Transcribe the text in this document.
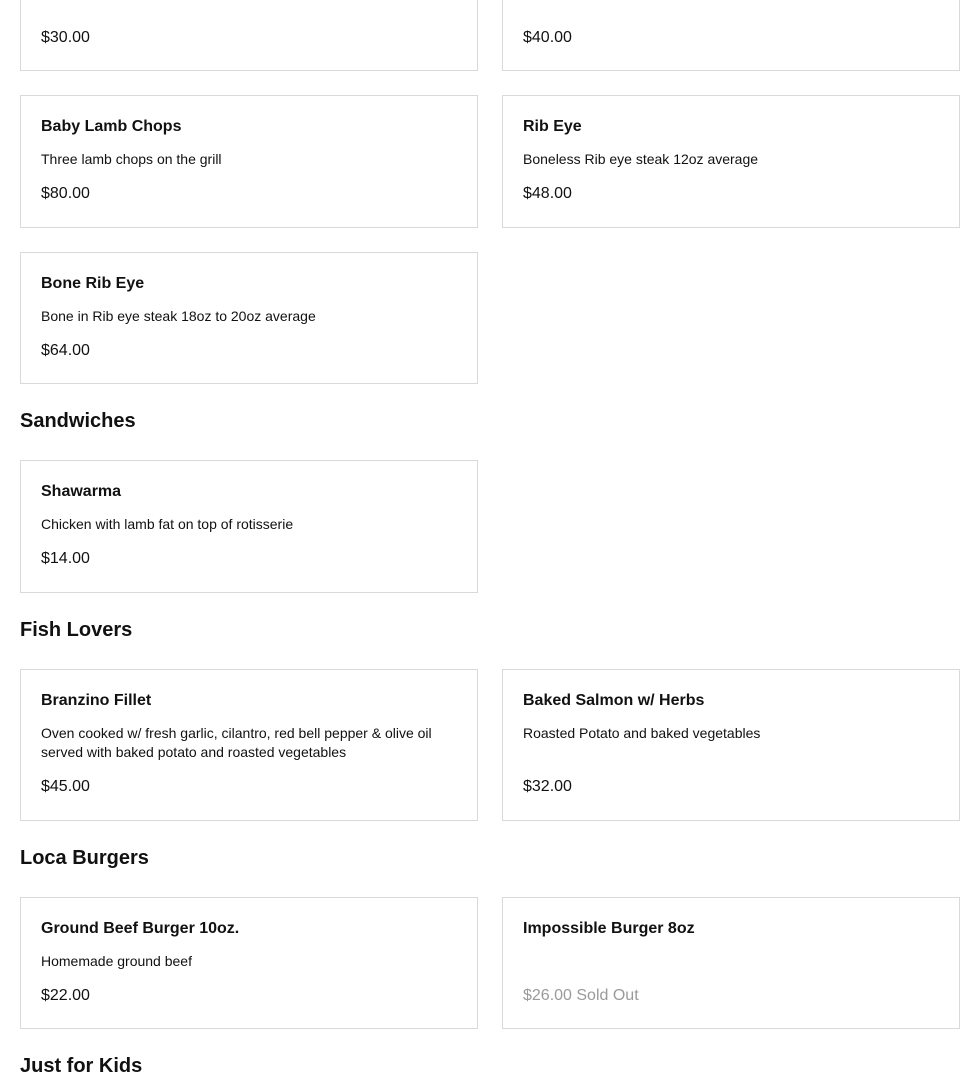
$30.00	$40.00
Baby Lamb Chops
Three lamb chops on the grill
$80.00
Rib Eye
Boneless Rib eye steak 12oz average
$48.00
Bone Rib Eye
Bone in Rib eye steak 18oz to 20oz average
$64.00
Sandwiches
Shawarma
Chicken with lamb fat on top of rotisserie
$14.00
Fish Lovers
Branzino Fillet
Oven cooked w/ fresh garlic, cilantro, red bell pepper & olive oil served with baked potato and roasted vegetables
$45.00
Baked Salmon w/ Herbs
Roasted Potato and baked vegetables
$32.00
Loca Burgers
Ground Beef Burger 10oz.
Homemade ground beef
$22.00
Impossible Burger 8oz
$26.00 Sold Out
Just for Kids
